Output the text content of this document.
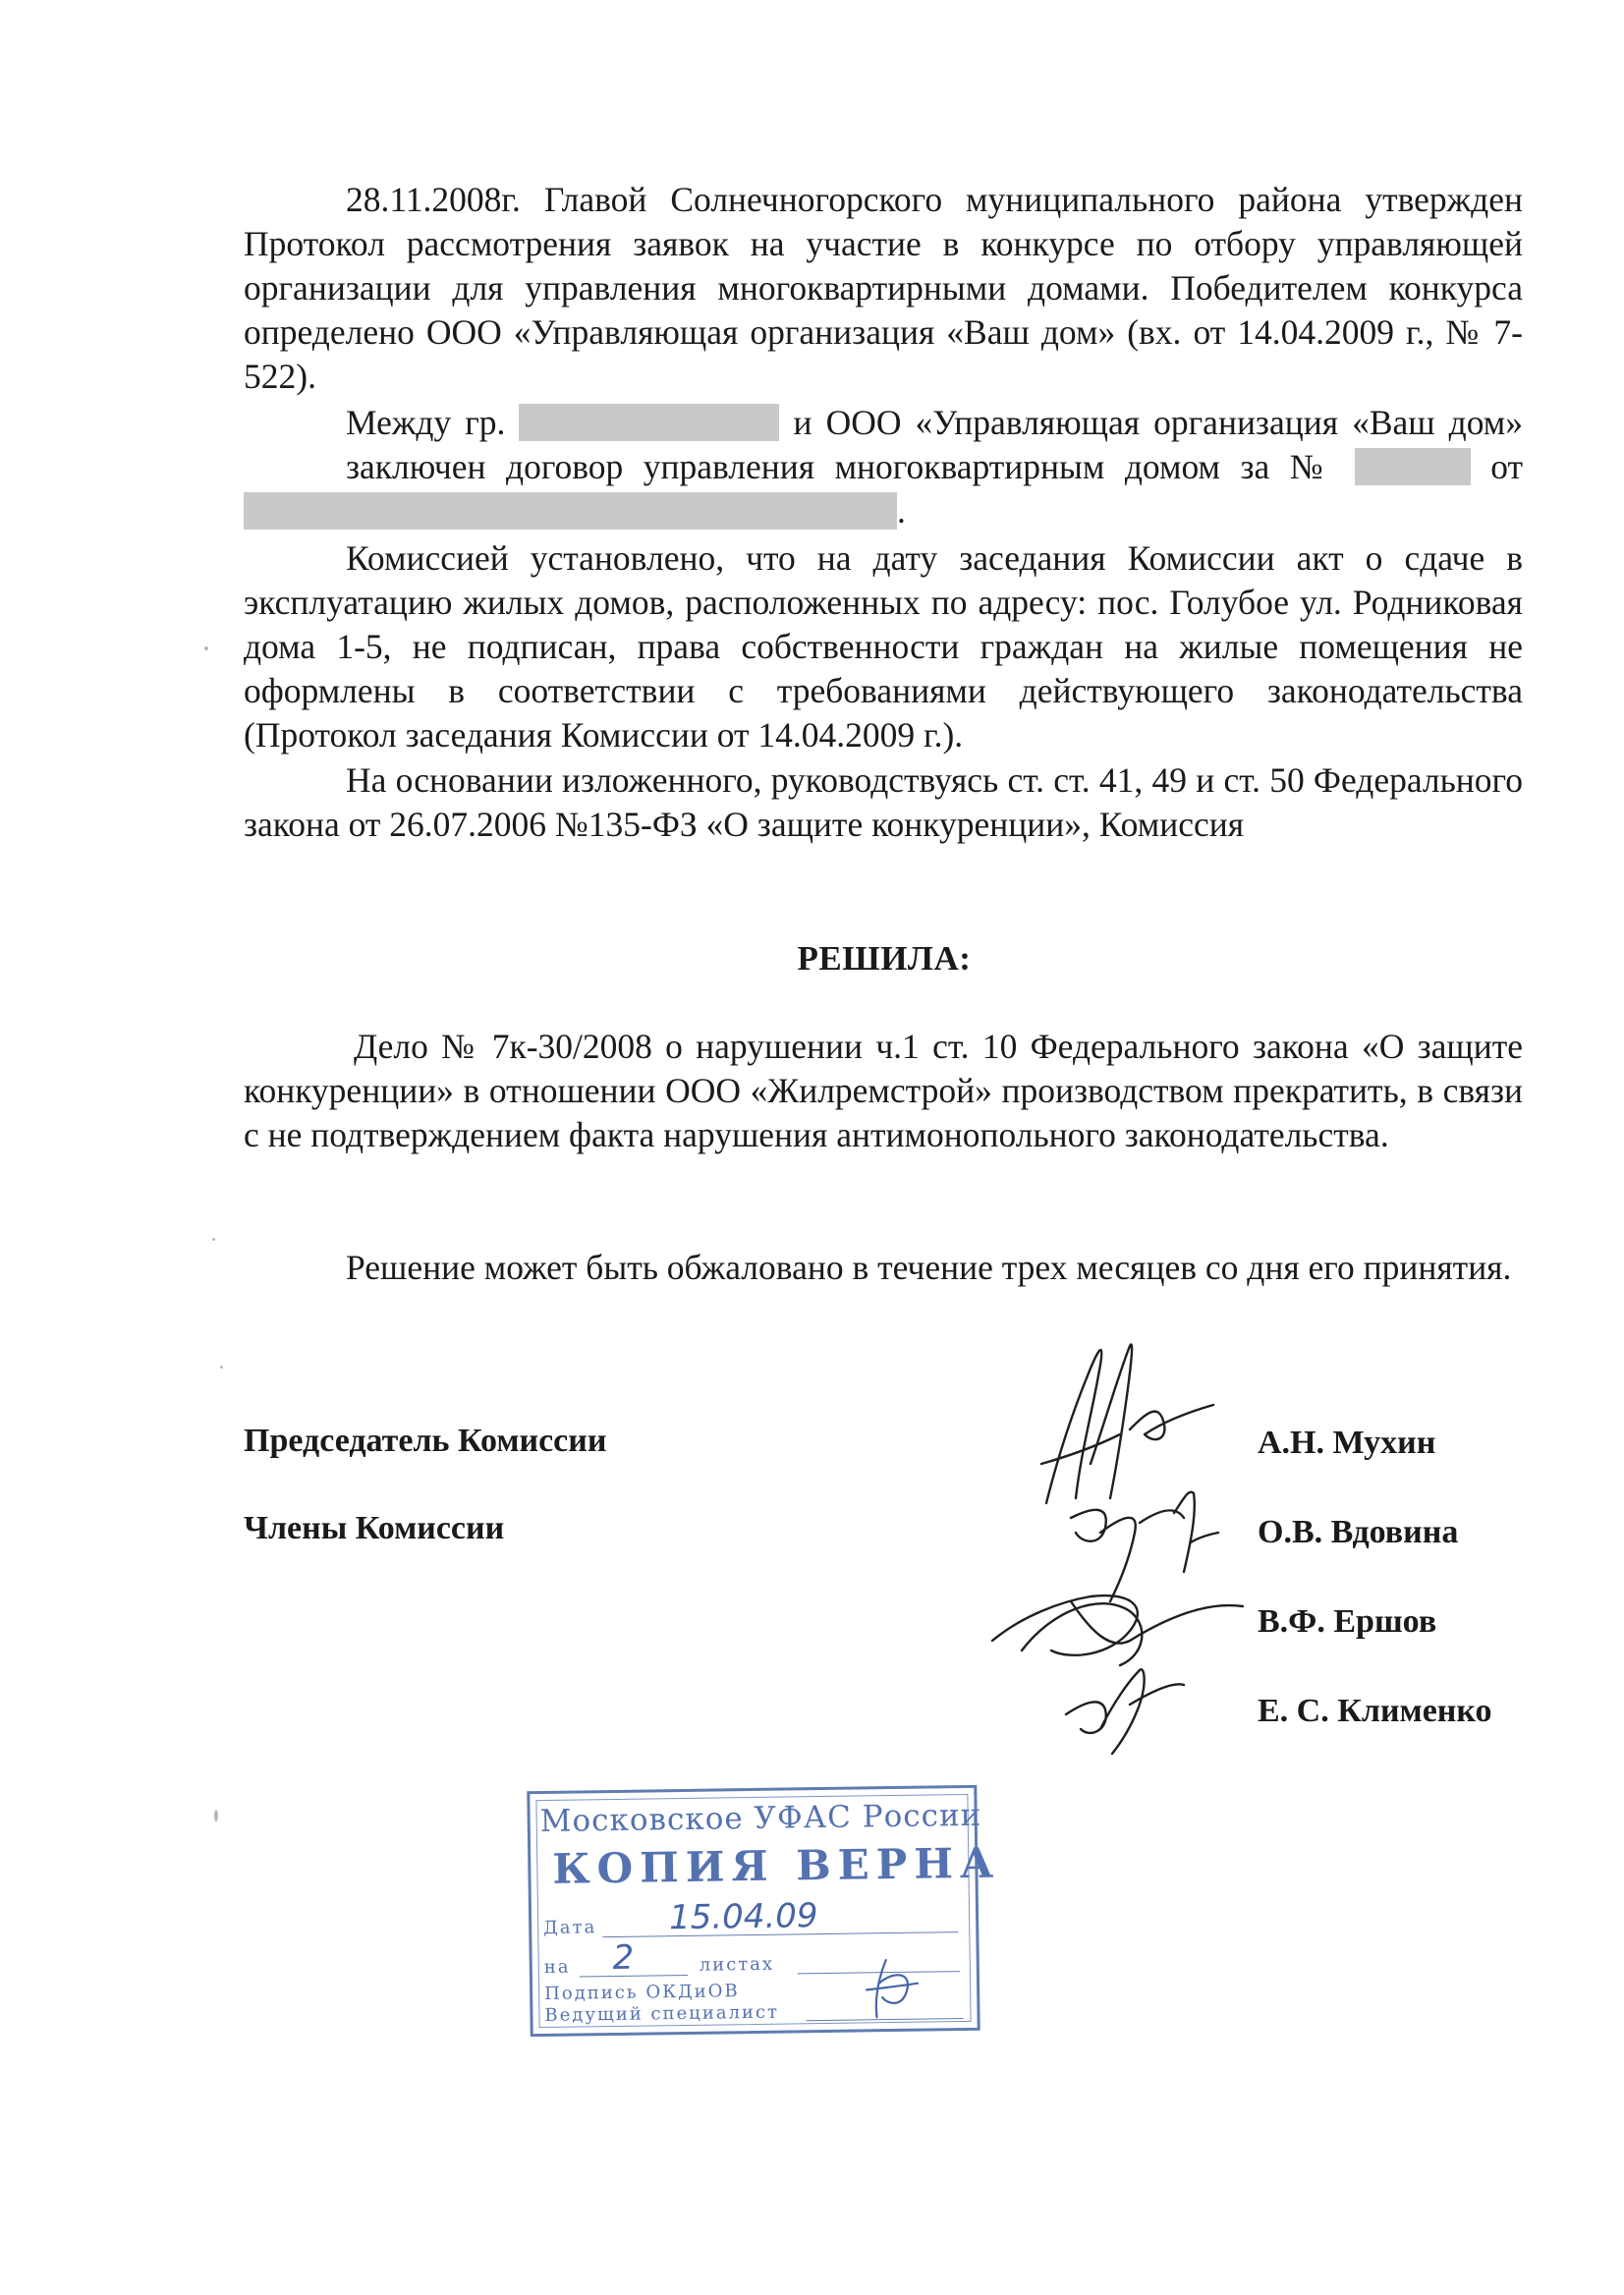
28.11.2008г. Главой Солнечногорского муниципального района утвержден Протокол рассмотрения заявок на участие в конкурсе по отбору управляющей организации для управления многоквартирными домами. Победителем конкурса определено ООО «Управляющая организация «Ваш дом» (вх. от 14.04.2009 г., № 7-522).

Между гр.	и ООО «Управляющая организация «Ваш дом» заключен договор управления многоквартирным домом за №	от
.

Комиссией установлено, что на дату заседания Комиссии акт о сдаче в эксплуатацию жилых домов, расположенных по адресу: пос. Голубое ул. Родниковая дома 1-5, не подписан, права собственности граждан на жилые помещения не оформлены в соответствии с требованиями действующего законодательства (Протокол заседания Комиссии от 14.04.2009 г.).

На основании изложенного, руководствуясь ст. ст. 41, 49 и ст. 50 Федерального закона от 26.07.2006 №135-ФЗ «О защите конкуренции», Комиссия

РЕШИЛА:

Дело № 7к-30/2008 о нарушении ч.1 ст. 10 Федерального закона «О защите конкуренции» в отношении ООО «Жилремстрой» производством прекратить, в связи с не подтверждением факта нарушения антимонопольного законодательства.

Решение может быть обжаловано в течение трех месяцев со дня его принятия.

Председатель Комиссии
Члены Комиссии
А.Н. Мухин
О.В. Вдовина
В.Ф. Ершов
Е. С. Клименко
Московское УФАС России
КОПИЯ ВЕРНА
Дата 15.04.09
на 2	листах
Подпись ОКДиОВ
Ведущий специалист
